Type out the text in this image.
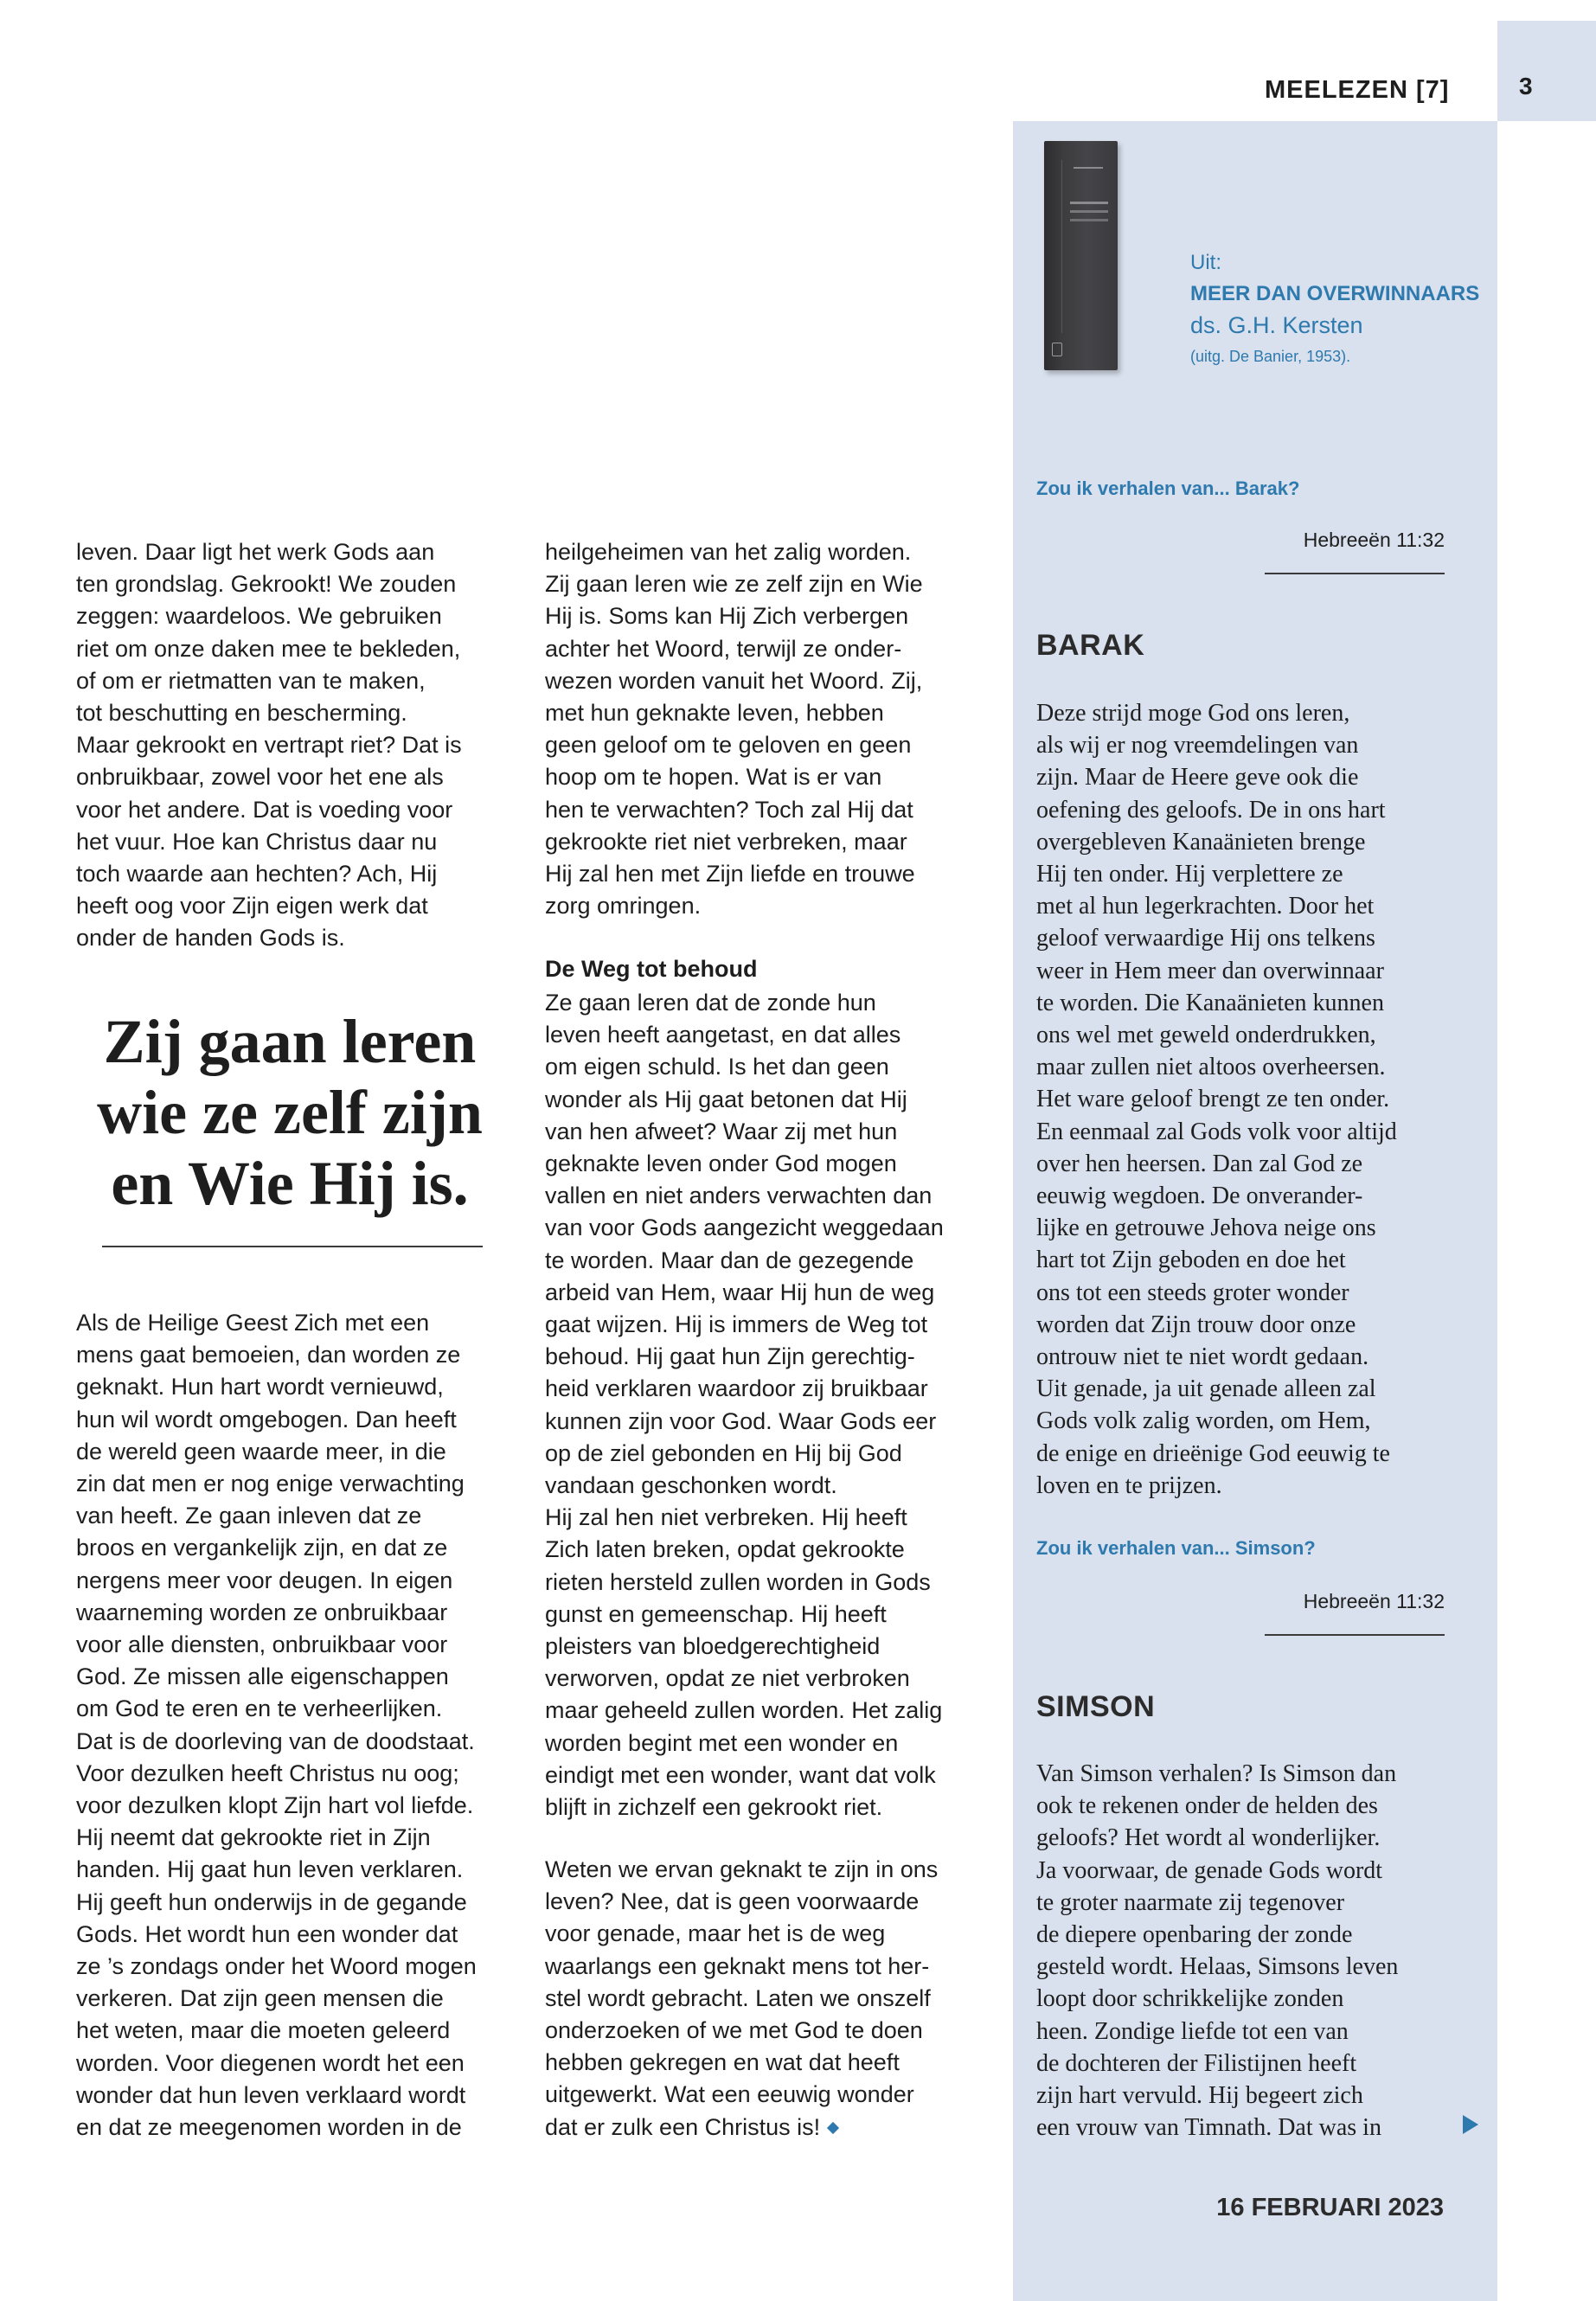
3
MEELEZEN [7]
Uit:
MEER DAN OVERWINNAARS
ds. G.H. Kersten
(uitg. De Banier, 1953).
Zou ik verhalen van... Barak?
Hebreeën 11:32
BARAK
Deze strijd moge God ons leren,
als wij er nog vreemdelingen van
zijn. Maar de Heere geve ook die
oefening des geloofs. De in ons hart
overgebleven Kanaänieten brenge
Hij ten onder. Hij verplettere ze
met al hun legerkrachten. Door het
geloof verwaardige Hij ons telkens
weer in Hem meer dan overwinnaar
te worden. Die Kanaänieten kunnen
ons wel met geweld onderdrukken,
maar zullen niet altoos overheersen.
Het ware geloof brengt ze ten onder.
En eenmaal zal Gods volk voor altijd
over hen heersen. Dan zal God ze
eeuwig wegdoen. De onverander-
lijke en getrouwe Jehova neige ons
hart tot Zijn geboden en doe het
ons tot een steeds groter wonder
worden dat Zijn trouw door onze
ontrouw niet te niet wordt gedaan.
Uit genade, ja uit genade alleen zal
Gods volk zalig worden, om Hem,
de enige en drieënige God eeuwig te
loven en te prijzen.
Zou ik verhalen van... Simson?
Hebreeën 11:32
SIMSON
Van Simson verhalen? Is Simson dan
ook te rekenen onder de helden des
geloofs? Het wordt al wonderlijker.
Ja voorwaar, de genade Gods wordt
te groter naarmate zij tegenover
de diepere openbaring der zonde
gesteld wordt. Helaas, Simsons leven
loopt door schrikkelijke zonden
heen. Zondige liefde tot een van
de dochteren der Filistijnen heeft
zijn hart vervuld. Hij begeert zich
een vrouw van Timnath. Dat was in
16 FEBRUARI 2023
leven. Daar ligt het werk Gods aan
ten grondslag. Gekrookt! We zouden
zeggen: waardeloos. We gebruiken
riet om onze daken mee te bekleden,
of om er rietmatten van te maken,
tot beschutting en bescherming.
Maar gekrookt en vertrapt riet? Dat is
onbruikbaar, zowel voor het ene als
voor het andere. Dat is voeding voor
het vuur. Hoe kan Christus daar nu
toch waarde aan hechten? Ach, Hij
heeft oog voor Zijn eigen werk dat
onder de handen Gods is.
Zij gaan leren
wie ze zelf zijn
en Wie Hij is.
Als de Heilige Geest Zich met een
mens gaat bemoeien, dan worden ze
geknakt. Hun hart wordt vernieuwd,
hun wil wordt omgebogen. Dan heeft
de wereld geen waarde meer, in die
zin dat men er nog enige verwachting
van heeft. Ze gaan inleven dat ze
broos en vergankelijk zijn, en dat ze
nergens meer voor deugen. In eigen
waarneming worden ze onbruikbaar
voor alle diensten, onbruikbaar voor
God. Ze missen alle eigenschappen
om God te eren en te verheerlijken.
Dat is de doorleving van de doodstaat.
Voor dezulken heeft Christus nu oog;
voor dezulken klopt Zijn hart vol liefde.
Hij neemt dat gekrookte riet in Zijn
handen. Hij gaat hun leven verklaren.
Hij geeft hun onderwijs in de gegande
Gods. Het wordt hun een wonder dat
ze ’s zondags onder het Woord mogen
verkeren. Dat zijn geen mensen die
het weten, maar die moeten geleerd
worden. Voor diegenen wordt het een
wonder dat hun leven verklaard wordt
en dat ze meegenomen worden in de
heilgeheimen van het zalig worden.
Zij gaan leren wie ze zelf zijn en Wie
Hij is. Soms kan Hij Zich verbergen
achter het Woord, terwijl ze onder-
wezen worden vanuit het Woord. Zij,
met hun geknakte leven, hebben
geen geloof om te geloven en geen
hoop om te hopen. Wat is er van
hen te verwachten? Toch zal Hij dat
gekrookte riet niet verbreken, maar
Hij zal hen met Zijn liefde en trouwe
zorg omringen.
De Weg tot behoud
Ze gaan leren dat de zonde hun
leven heeft aangetast, en dat alles
om eigen schuld. Is het dan geen
wonder als Hij gaat betonen dat Hij
van hen afweet? Waar zij met hun
geknakte leven onder God mogen
vallen en niet anders verwachten dan
van voor Gods aangezicht weggedaan
te worden. Maar dan de gezegende
arbeid van Hem, waar Hij hun de weg
gaat wijzen. Hij is immers de Weg tot
behoud. Hij gaat hun Zijn gerechtig-
heid verklaren waardoor zij bruikbaar
kunnen zijn voor God. Waar Gods eer
op de ziel gebonden en Hij bij God
vandaan geschonken wordt.
Hij zal hen niet verbreken. Hij heeft
Zich laten breken, opdat gekrookte
rieten hersteld zullen worden in Gods
gunst en gemeenschap. Hij heeft
pleisters van bloedgerechtigheid
verworven, opdat ze niet verbroken
maar geheeld zullen worden. Het zalig
worden begint met een wonder en
eindigt met een wonder, want dat volk
blijft in zichzelf een gekrookt riet.
Weten we ervan geknakt te zijn in ons
leven? Nee, dat is geen voorwaarde
voor genade, maar het is de weg
waarlangs een geknakt mens tot her-
stel wordt gebracht. Laten we onszelf
onderzoeken of we met God te doen
hebben gekregen en wat dat heeft
uitgewerkt. Wat een eeuwig wonder
dat er zulk een Christus is!
